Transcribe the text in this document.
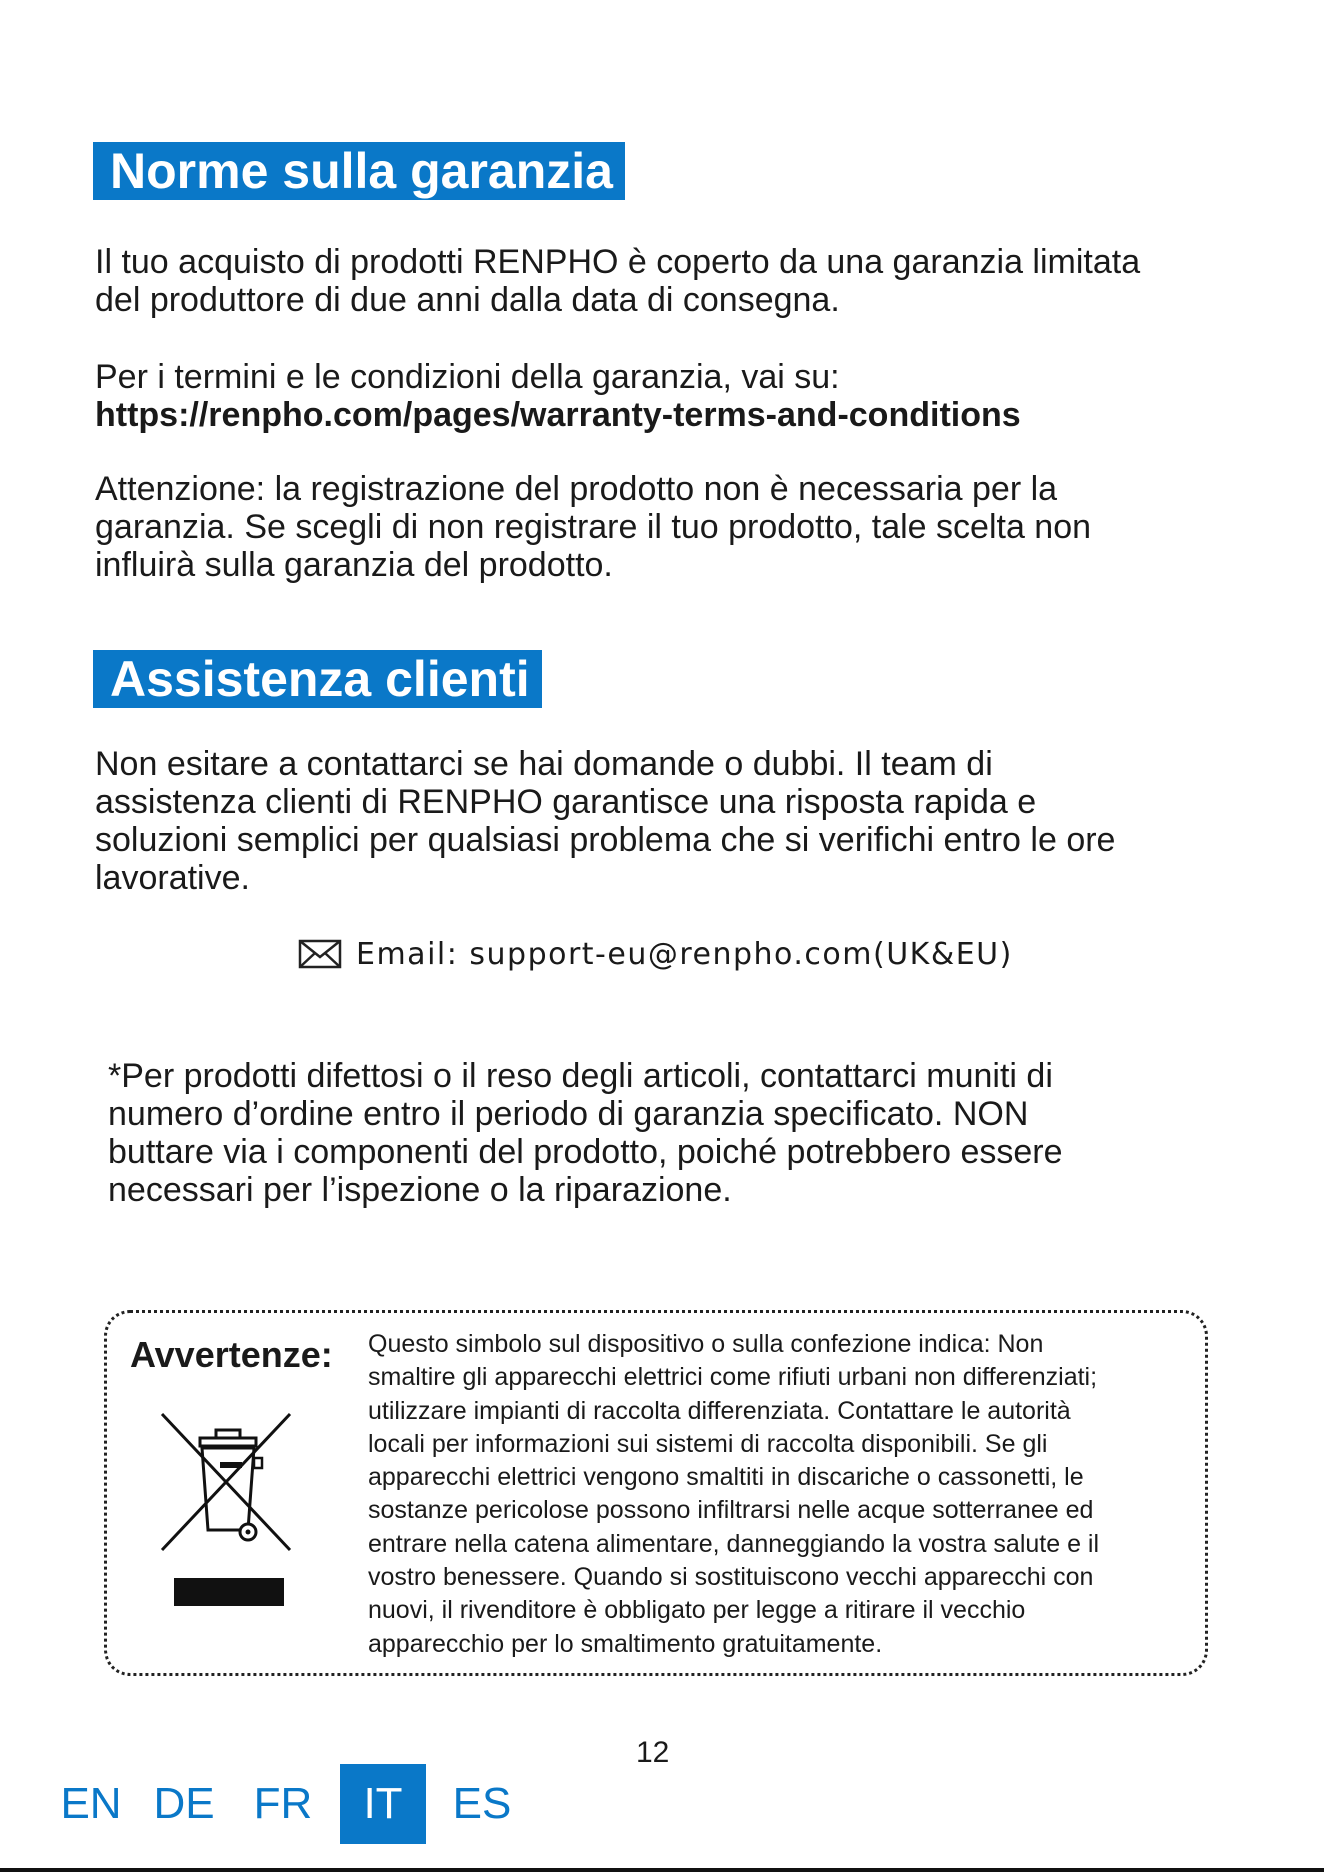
Norme sulla garanzia

Il tuo acquisto di prodotti RENPHO è coperto da una garanzia limitata
del produttore di due anni dalla data di consegna.

Per i termini e le condizioni della garanzia, vai su:
https://renpho.com/pages/warranty-terms-and-conditions

Attenzione: la registrazione del prodotto non è necessaria per la
garanzia. Se scegli di non registrare il tuo prodotto, tale scelta non
influirà sulla garanzia del prodotto.

Assistenza clienti

Non esitare a contattarci se hai domande o dubbi. Il team di
assistenza clienti di RENPHO garantisce una risposta rapida e
soluzioni semplici per qualsiasi problema che si verifichi entro le ore
lavorative.

Email: support-eu@renpho.com(UK&EU)

*Per prodotti difettosi o il reso degli articoli, contattarci muniti di
numero d’ordine entro il periodo di garanzia specificato. NON
buttare via i componenti del prodotto, poiché potrebbero essere
necessari per l’ispezione o la riparazione.

Avvertenze: Questo simbolo sul dispositivo o sulla confezione indica: Non
smaltire gli apparecchi elettrici come rifiuti urbani non differenziati;
utilizzare impianti di raccolta differenziata. Contattare le autorità
locali per informazioni sui sistemi di raccolta disponibili. Se gli
apparecchi elettrici vengono smaltiti in discariche o cassonetti, le
sostanze pericolose possono infiltrarsi nelle acque sotterranee ed
entrare nella catena alimentare, danneggiando la vostra salute e il
vostro benessere. Quando si sostituiscono vecchi apparecchi con
nuovi, il rivenditore è obbligato per legge a ritirare il vecchio
apparecchio per lo smaltimento gratuitamente.

12
EN DE FR	IT	ES
